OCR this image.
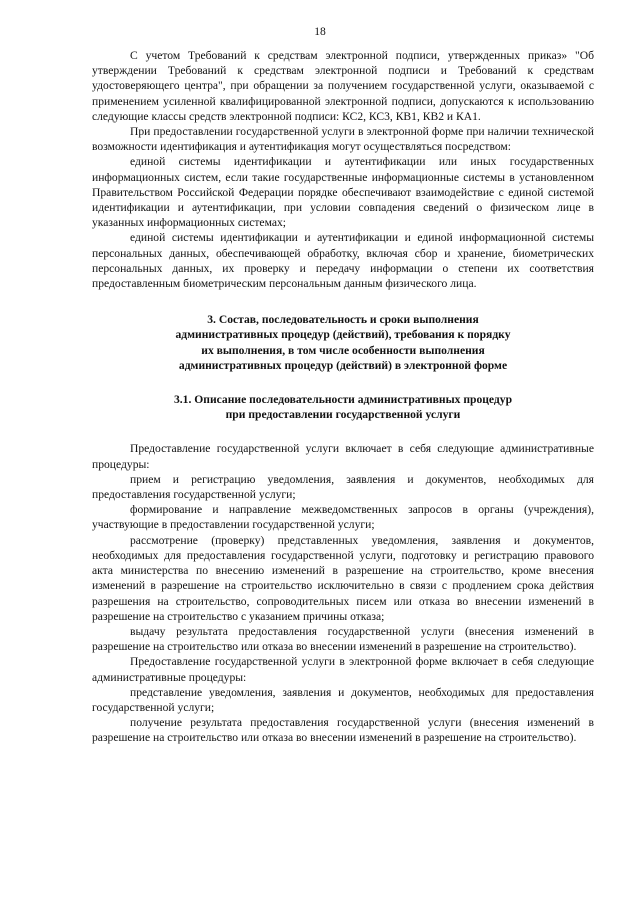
18

С учетом Требований к средствам электронной подписи, утвержденных приказ» "Об утверждении Требований к средствам электронной подписи и Требований к средствам удостоверяющего центра", при обращении за получением государственной услуги, оказываемой с применением усиленной квалифицированной электронной подписи, допускаются к использованию следующие классы средств электронной подписи: КС2, КС3, КВ1, КВ2 и КА1.

При предоставлении государственной услуги в электронной форме при наличии технической возможности идентификация и аутентификация могут осуществляться посредством:

единой системы идентификации и аутентификации или иных государственных информационных систем, если такие государственные информационные системы в установленном Правительством Российской Федерации порядке обеспечивают взаимодействие с единой системой идентификации и аутентификации, при условии совпадения сведений о физическом лице в указанных информационных системах;

единой системы идентификации и аутентификации и единой информационной системы персональных данных, обеспечивающей обработку, включая сбор и хранение, биометрических персональных данных, их проверку и передачу информации о степени их соответствия предоставленным биометрическим персональным данным физического лица.

3. Состав, последовательность и сроки выполнения
административных процедур (действий), требования к порядку
их выполнения, в том числе особенности выполнения
административных процедур (действий) в электронной форме
3.1. Описание последовательности административных процедур
при предоставлении государственной услуги

Предоставление государственной услуги включает в себя следующие административные процедуры:

прием и регистрацию уведомления, заявления и документов, необходимых для предоставления государственной услуги;

формирование и направление межведомственных запросов в органы (учреждения), участвующие в предоставлении государственной услуги;

рассмотрение (проверку) представленных уведомления, заявления и документов, необходимых для предоставления государственной услуги, подготовку и регистрацию правового акта министерства по внесению изменений в разрешение на строительство, кроме внесения изменений в разрешение на строительство исключительно в связи с продлением срока действия разрешения на строительство, сопроводительных писем или отказа во внесении изменений в разрешение на строительство с указанием причины отказа;

выдачу результата предоставления государственной услуги (внесения изменений в разрешение на строительство или отказа во внесении изменений в разрешение на строительство).

Предоставление государственной услуги в электронной форме включает в себя следующие административные процедуры:

представление уведомления, заявления и документов, необходимых для предоставления государственной услуги;

получение результата предоставления государственной услуги (внесения изменений в разрешение на строительство или отказа во внесении изменений в разрешение на строительство).
